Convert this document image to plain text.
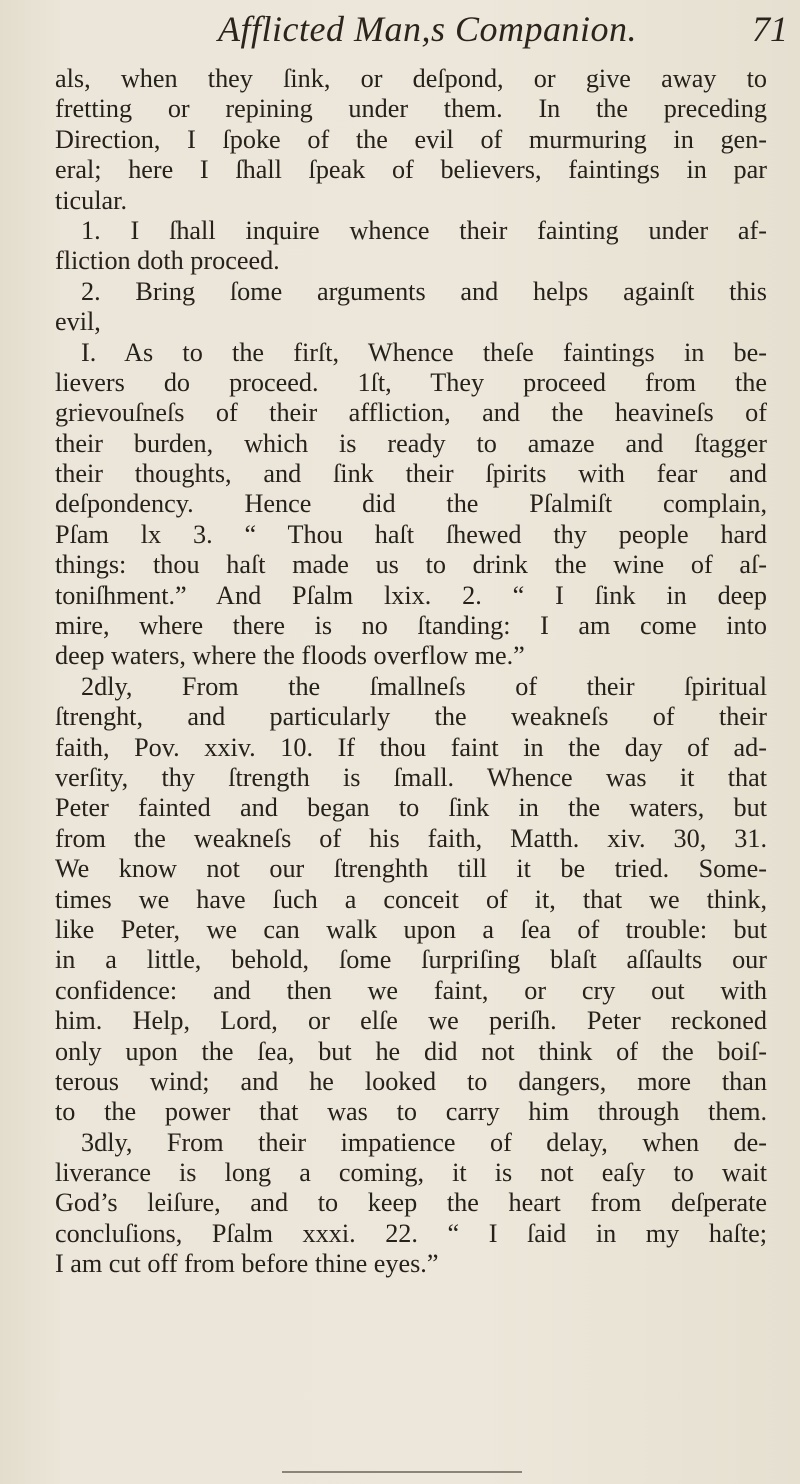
Afflicted Man,s Companion.	71
als, when they ſink, or deſpond, or give away to
fretting or repining under them. In the preceding
Direction, I ſpoke of the evil of murmuring in gen-
eral; here I ſhall ſpeak of believers, faintings in par
ticular.
1. I ſhall inquire whence their fainting under af-
fliction doth proceed.
2. Bring ſome arguments and helps againſt this
evil,
I. As to the firſt, Whence theſe faintings in be-
lievers do proceed. 1ſt, They proceed from the
grievouſneſs of their affliction, and the heavineſs of
their burden, which is ready to amaze and ſtagger
their thoughts, and ſink their ſpirits with fear and
deſpondency. Hence did the Pſalmiſt complain,
Pſam lx 3. “ Thou haſt ſhewed thy people hard
things: thou haſt made us to drink the wine of aſ-
toniſhment.” And Pſalm lxix. 2. “ I ſink in deep
mire, where there is no ſtanding: I am come into
deep waters, where the floods overflow me.”
2dly, From the ſmallneſs of their ſpiritual
ſtrenght, and particularly the weakneſs of their
faith, Pov. xxiv. 10. If thou faint in the day of ad-
verſity, thy ſtrength is ſmall. Whence was it that
Peter fainted and began to ſink in the waters, but
from the weakneſs of his faith, Matth. xiv. 30, 31.
We know not our ſtrenghth till it be tried. Some-
times we have ſuch a conceit of it, that we think,
like Peter, we can walk upon a ſea of trouble: but
in a little, behold, ſome ſurpriſing blaſt aſſaults our
confidence: and then we faint, or cry out with
him. Help, Lord, or elſe we periſh. Peter reckoned
only upon the ſea, but he did not think of the boiſ-
terous wind; and he looked to dangers, more than
to the power that was to carry him through them.
3dly, From their impatience of delay, when de-
liverance is long a coming, it is not eaſy to wait
God’s leiſure, and to keep the heart from deſperate
concluſions, Pſalm xxxi. 22. “ I ſaid in my haſte;
I am cut off from before thine eyes.”
